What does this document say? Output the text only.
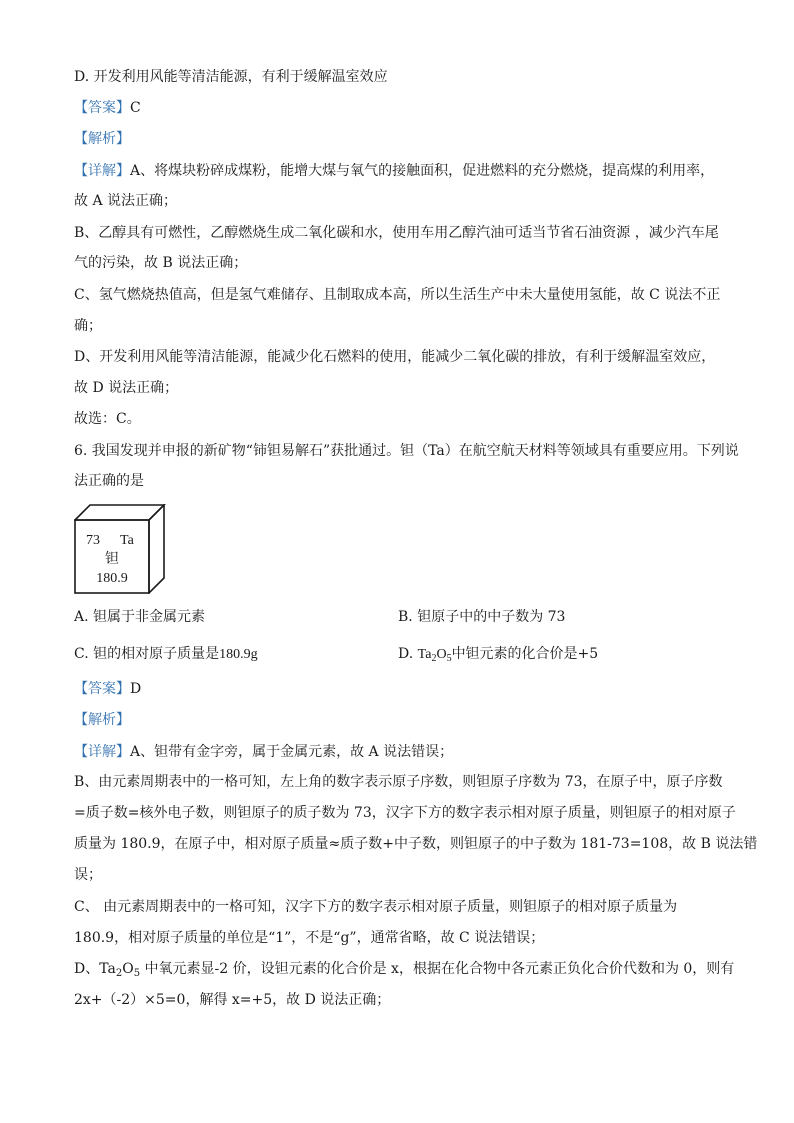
D. 开发利用风能等清洁能源，有利于缓解温室效应
【答案】C
【解析】
【详解】A、将煤块粉碎成煤粉，能增大煤与氧气的接触面积，促进燃料的充分燃烧，提高煤的利用率，
故 A 说法正确；
B、乙醇具有可燃性，乙醇燃烧生成二氧化碳和水，使用车用乙醇汽油可适当节省石油资源 ，减少汽车尾
气的污染，故 B 说法正确；
C、氢气燃烧热值高，但是氢气难储存、且制取成本高，所以生活生产中未大量使用氢能，故 C 说法不正
确；
D、开发利用风能等清洁能源，能减少化石燃料的使用，能减少二氧化碳的排放，有利于缓解温室效应，
故 D 说法正确；
故选：C。
6. 我国发现并申报的新矿物“铈钽易解石”获批通过。钽（Ta）在航空航天材料等领域具有重要应用。下列说
法正确的是
73 Ta
钽
180.9
A. 钽属于非金属元素	B. 钽原子中的中子数为 73
C. 钽的相对原子质量是180.9g	D. $Ta_2O_5$中钽元素的化合价是+5
【答案】D
【解析】
【详解】A、钽带有金字旁，属于金属元素，故 A 说法错误；
B、由元素周期表中的一格可知，左上角的数字表示原子序数，则钽原子序数为 73，在原子中，原子序数
=质子数=核外电子数，则钽原子的质子数为 73，汉字下方的数字表示相对原子质量，则钽原子的相对原子
质量为 180.9，在原子中，相对原子质量≈质子数+中子数，则钽原子的中子数为 181-73=108，故 B 说法错
误；
C、 由元素周期表中的一格可知，汉字下方的数字表示相对原子质量，则钽原子的相对原子质量为
180.9，相对原子质量的单位是“1”，不是“g”，通常省略，故 C 说法错误；
D、$Ta_2O_5$ 中氧元素显-2 价，设钽元素的化合价是 x，根据在化合物中各元素正负化合价代数和为 0，则有
2x+（-2）×5=0，解得 x=+5，故 D 说法正确；
